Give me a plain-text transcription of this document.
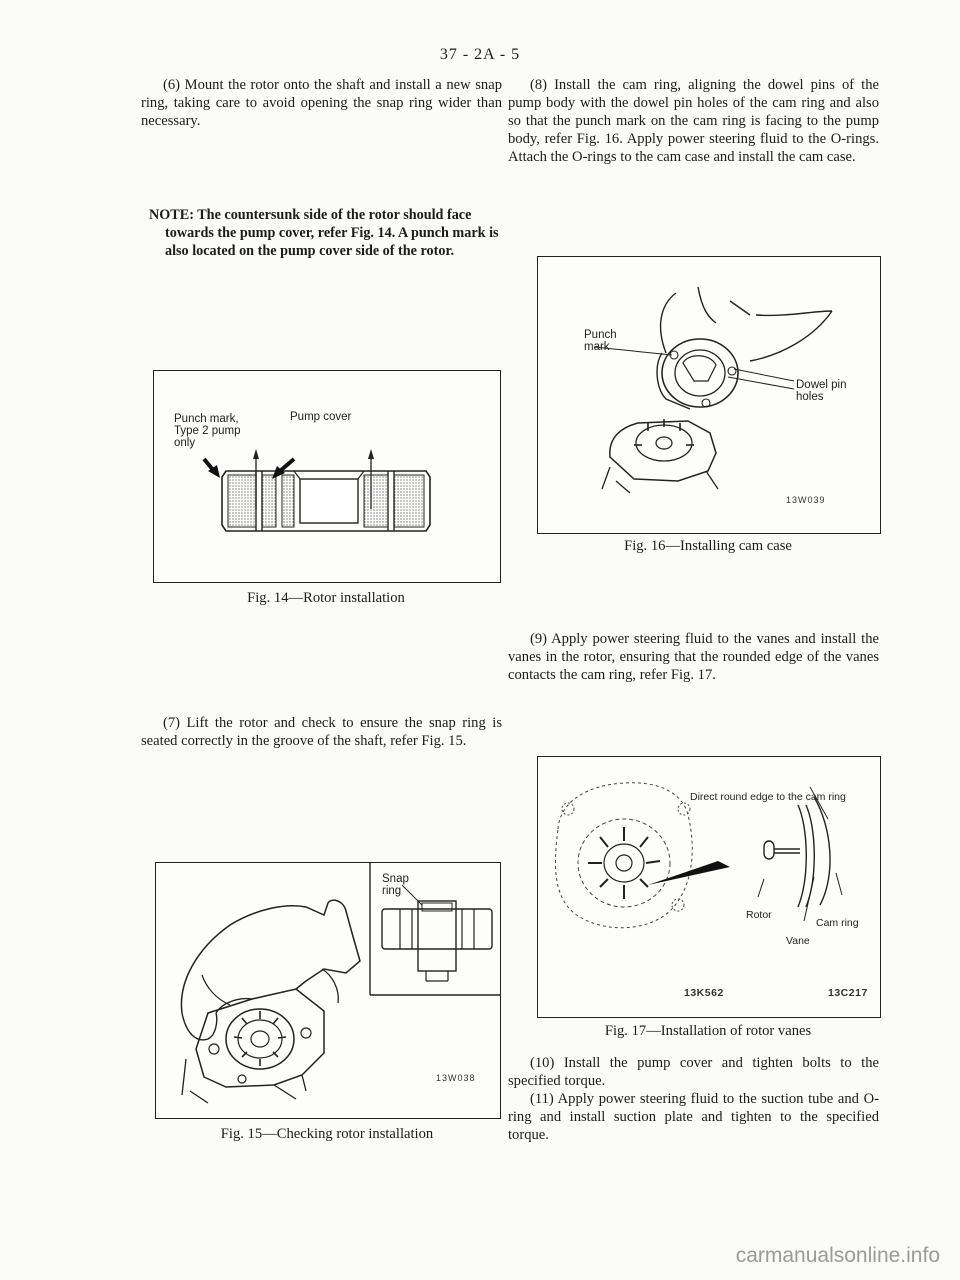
37 - 2A - 5

(6) Mount the rotor onto the shaft and install a new snap ring, taking care to avoid opening the snap ring wider than necessary.

NOTE: The countersunk side of the rotor should face towards the pump cover, refer Fig. 14. A punch mark is also located on the pump cover side of the rotor.

Punch mark, Type 2 pump only
Pump cover
Fig. 14—Rotor installation

(7) Lift the rotor and check to ensure the snap ring is seated correctly in the groove of the shaft, refer Fig. 15.

Snap ring
13W038
Fig. 15—Checking rotor installation

(8) Install the cam ring, aligning the dowel pins of the pump body with the dowel pin holes of the cam ring and also so that the punch mark on the cam ring is facing to the pump body, refer Fig. 16. Apply power steering fluid to the O-rings. Attach the O-rings to the cam case and install the cam case.

Punch mark
Dowel pin holes
13W039
Fig. 16—Installing cam case

(9) Apply power steering fluid to the vanes and install the vanes in the rotor, ensuring that the rounded edge of the vanes contacts the cam ring, refer Fig. 17.

Direct round edge to the cam ring
Rotor
Cam ring
Vane
13K562	13C217
Fig. 17—Installation of rotor vanes

(10) Install the pump cover and tighten bolts to the specified torque.

(11) Apply power steering fluid to the suction tube and O-ring and install suction plate and tighten to the specified torque.

carmanualsonline.info
